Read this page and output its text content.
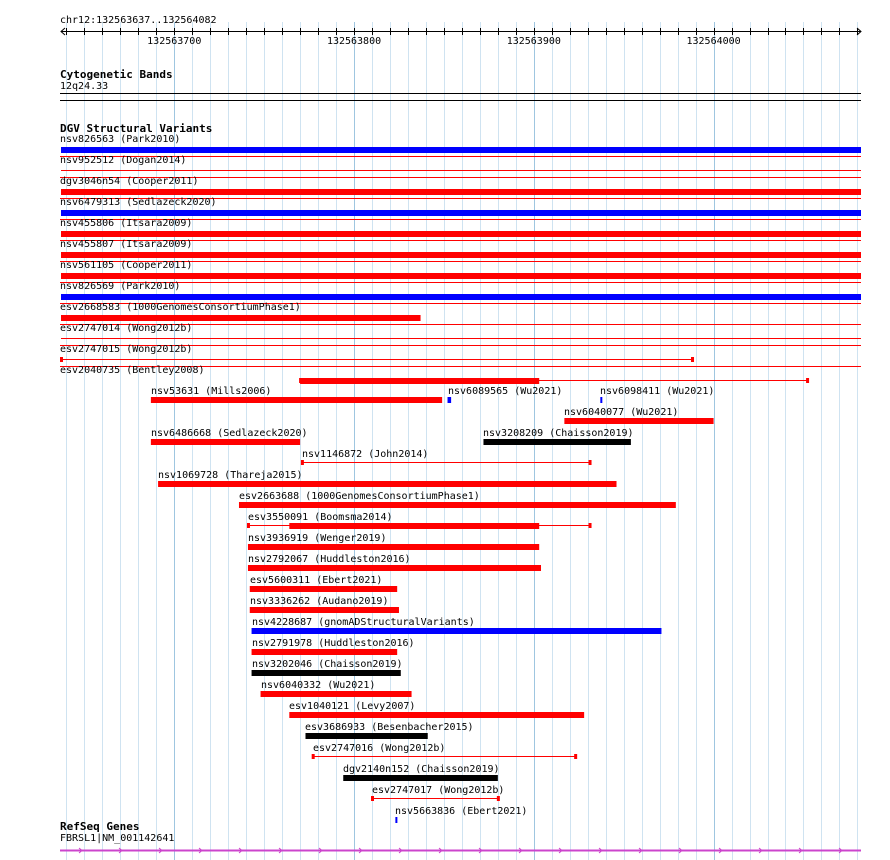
132563700	132563800	132563900	132564000
chr12:132563637..132564082
Cytogenetic Bands
12q24.33
DGV Structural Variants
nsv826563 (Park2010)
nsv952512 (Dogan2014)
dgv3046n54 (Cooper2011)
nsv6479313 (Sedlazeck2020)
nsv455806 (Itsara2009)
nsv455807 (Itsara2009)
nsv561105 (Cooper2011)
nsv826569 (Park2010)
esv2668583 (1000GenomesConsortiumPhase1)
esv2747014 (Wong2012b)
esv2747015 (Wong2012b)
esv2040735 (Bentley2008)
nsv53631 (Mills2006)	nsv6089565 (Wu2021)
nsv6040077 (Wu2021)
nsv6486668 (Sedlazeck2020)
nsv1146872 (John2014)
nsv6098411 (Wu2021)
nsv1069728 (Thareja2015)
esv2663688 (1000GenomesConsortiumPhase1)
esv3550091 (Boomsma2014)
nsv3936919 (Wenger2019)
nsv2792067 (Huddleston2016)
esv5600311 (Ebert2021)
nsv3208209 (Chaisson2019)
nsv3336262 (Audano2019)
nsv4228687 (gnomADStructuralVariants)
nsv2791978 (Huddleston2016)
nsv3202046 (Chaisson2019)
nsv6040332 (Wu2021)
esv1040121 (Levy2007)
esv3686933 (Besenbacher2015)
esv2747016 (Wong2012b)
dgv2140n152 (Chaisson2019)
esv2747017 (Wong2012b)
nsv5663836 (Ebert2021)
RefSeq Genes
FBRSL1|NM_001142641
